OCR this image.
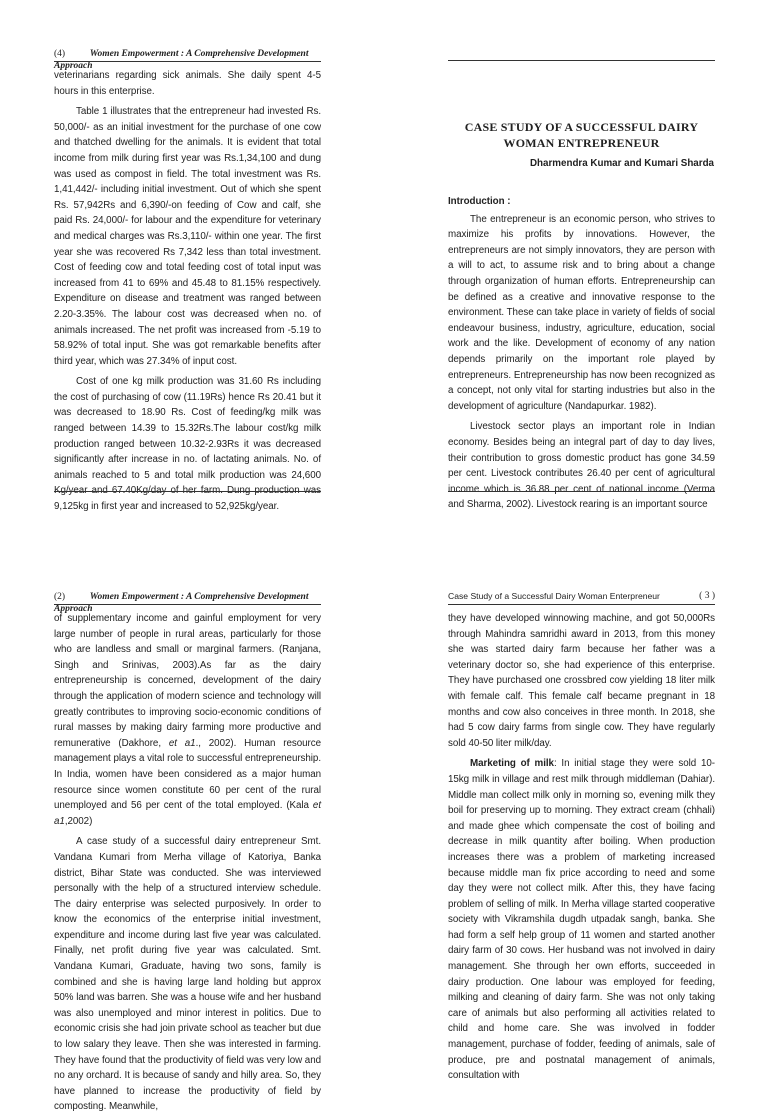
(4)	Women Empowerment : A Comprehensive Development Approach

veterinarians regarding sick animals. She daily spent 4-5 hours in this enterprise.

Table 1 illustrates that the entrepreneur had invested Rs. 50,000/- as an initial investment for the purchase of one cow and thatched dwelling for the animals. It is evident that total income from milk during first year was Rs.1,34,100 and dung was used as compost in field. The total investment was Rs. 1,41,442/- including initial investment. Out of which she spent Rs. 57,942Rs and 6,390/-on feeding of Cow and calf, she paid Rs. 24,000/- for labour and the expenditure for veterinary and medical charges was Rs.3,110/- within one year. The first year she was recovered Rs 7,342 less than total investment. Cost of feeding cow and total feeding cost of total input was increased from 41 to 69% and 45.48 to 81.15% respectively. Expenditure on disease and treatment was ranged between 2.20-3.35%. The labour cost was decreased when no. of animals increased. The net profit was increased from -5.19 to 58.92% of total input. She was got remarkable benefits after third year, which was 27.34% of input cost.

Cost of one kg milk production was 31.60 Rs including the cost of purchasing of cow (11.19Rs) hence Rs 20.41 but it was decreased to 18.90 Rs. Cost of feeding/kg milk was ranged between 14.39 to 15.32Rs.The labour cost/kg milk production ranged between 10.32-2.93Rs it was decreased significantly after increase in no. of lactating animals. No. of animals reached to 5 and total milk production was 24,600 Kg/year and 67.40Kg/day of her farm. Dung production was 9,125kg in first year and increased to 52,925kg/year.

CASE STUDY OF A SUCCESSFUL DAIRY
WOMAN ENTREPRENEUR
Dharmendra Kumar and Kumari Sharda

Introduction :

The entrepreneur is an economic person, who strives to maximize his profits by innovations. However, the entrepreneurs are not simply innovators, they are person with a will to act, to assume risk and to bring about a change through organization of human efforts. Entrepreneurship can be defined as a creative and innovative response to the environment. These can take place in variety of fields of social endeavour business, industry, agriculture, education, social work and the like. Development of economy of any nation depends primarily on the important role played by entrepreneurs. Entrepreneurship has now been recognized as a concept, not only vital for starting industries but also in the development of agriculture (Nandapurkar. 1982).

Livestock sector plays an important role in Indian economy. Besides being an integral part of day to day lives, their contribution to gross domestic product has gone 34.59 per cent. Livestock contributes 26.40 per cent of agricultural income which is 36.88 per cent of national income (Verma and Sharma, 2002). Livestock rearing is an important source

(2)	Women Empowerment : A Comprehensive Development Approach

of supplementary income and gainful employment for very large number of people in rural areas, particularly for those who are landless and small or marginal farmers. (Ranjana, Singh and Srinivas, 2003).As far as the dairy entrepreneurship is concerned, development of the dairy through the application of modern science and technology will greatly contributes to improving socio-economic conditions of rural masses by making dairy farming more productive and remunerative (Dakhore, et a1., 2002). Human resource management plays a vital role to successful entrepreneurship. In India, women have been considered as a major human resource since women constitute 60 per cent of the rural unemployed and 56 per cent of the total employed. (Kala et a1,2002)

A case study of a successful dairy entrepreneur Smt. Vandana Kumari from Merha village of Katoriya, Banka district, Bihar State was conducted. She was interviewed personally with the help of a structured interview schedule. The dairy enterprise was selected purposively. In order to know the economics of the enterprise initial investment, expenditure and income during last five year was calculated. Finally, net profit during five year was calculated. Smt. Vandana Kumari, Graduate, having two sons, family is combined and she is having large land holding but approx 50% land was barren. She was a house wife and her husband was also unemployed and minor interest in politics. Due to economic crisis she had join private school as teacher but due to low salary they leave. Then she was interested in farming. They have found that the productivity of field was very low and no any orchard. It is because of sandy and hilly area. So, they have planned to increase the productivity of field by composting. Meanwhile,

Case Study of a Successful Dairy Woman Enterpreneur	( 3 )

they have developed winnowing machine, and got 50,000Rs through Mahindra samridhi award in 2013, from this money she was started dairy farm because her father was a veterinary doctor so, she had experience of this enterprise. They have purchased one crossbred cow yielding 18 liter milk with female calf. This female calf became pregnant in 18 months and cow also conceives in three month. In 2018, she had 5 cow dairy farms from single cow. They have regularly sold 40-50 liter milk/day.

Marketing of milk: In initial stage they were sold 10-15kg milk in village and rest milk through middleman (Dahiar). Middle man collect milk only in morning so, evening milk they boil for preserving up to morning. They extract cream (chhali) and made ghee which compensate the cost of boiling and decrease in milk quantity after boiling. When production increases there was a problem of marketing increased because middle man fix price according to need and some day they were not collect milk. After this, they have facing problem of selling of milk. In Merha village started cooperative society with Vikramshila dugdh utpadak sangh, banka. She had form a self help group of 11 women and started another dairy farm of 30 cows. Her husband was not involved in dairy management. She through her own efforts, succeeded in dairy production. One labour was employed for feeding, milking and cleaning of dairy farm. She was not only taking care of animals but also performing all activities related to child and home care. She was involved in fodder management, purchase of fodder, feeding of animals, sale of produce, pre and postnatal management of animals, consultation with
